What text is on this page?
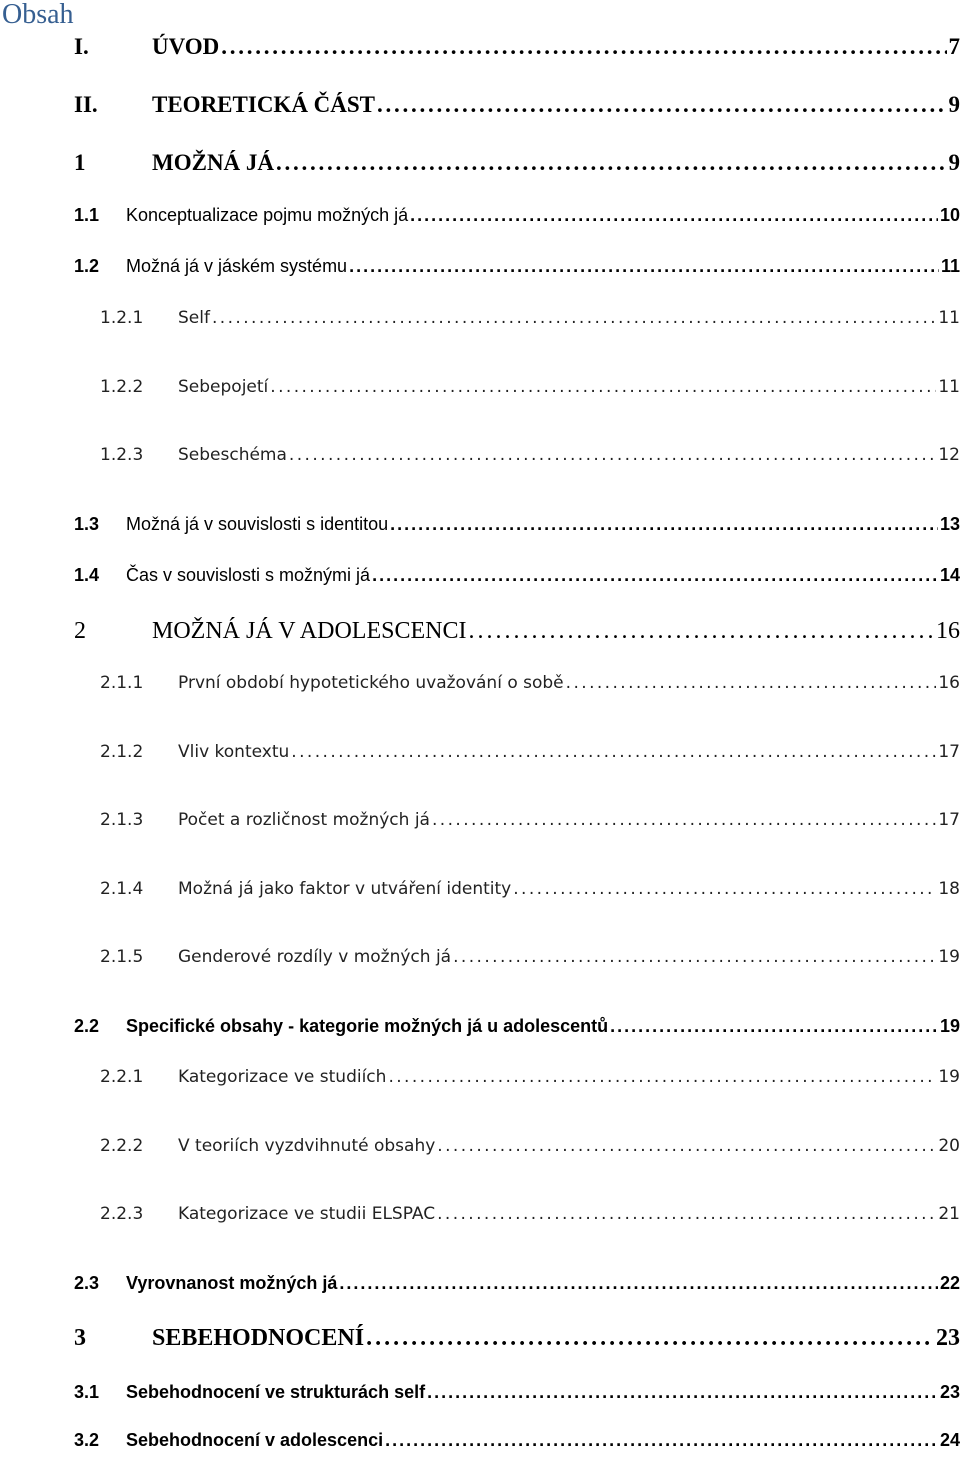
Obsah
I.	ÚVOD . . .	7
II.	TEORETICKÁ ČÁST . . .	9
1	MOŽNÁ JÁ . . .	9
1.1	Konceptualizace pojmu možných já . . .	10
1.2	Možná já v jáském systému . . .	11
1.2.1	Self . . .	11
1.2.2	Sebepojetí . . .	11
1.2.3	Sebeschéma . . .	12
1.3	Možná já v souvislosti s identitou . . .	13
1.4	Čas v souvislosti s možnými já . . .	14
2	MOŽNÁ JÁ V ADOLESCENCI . . .	16
2.1.1	První období hypotetického uvažování o sobě . . .	16
2.1.2	Vliv kontextu . . .	17
2.1.3	Počet a rozličnost možných já . . .	17
2.1.4	Možná já jako faktor v utváření identity . . .	18
2.1.5	Genderové rozdíly v možných já . . .	19
2.2	Specifické obsahy - kategorie možných já u adolescentů . . .	19
2.2.1	Kategorizace ve studiích . . .	19
2.2.2	V teoriích vyzdvihnuté obsahy . . .	20
2.2.3	Kategorizace ve studii ELSPAC . . .	21
2.3	Vyrovnanost možných já . . .	22
3	SEBEHODNOCENÍ . . .	23
3.1	Sebehodnocení ve strukturách self . . .	23
3.2	Sebehodnocení v adolescenci . . .	24
